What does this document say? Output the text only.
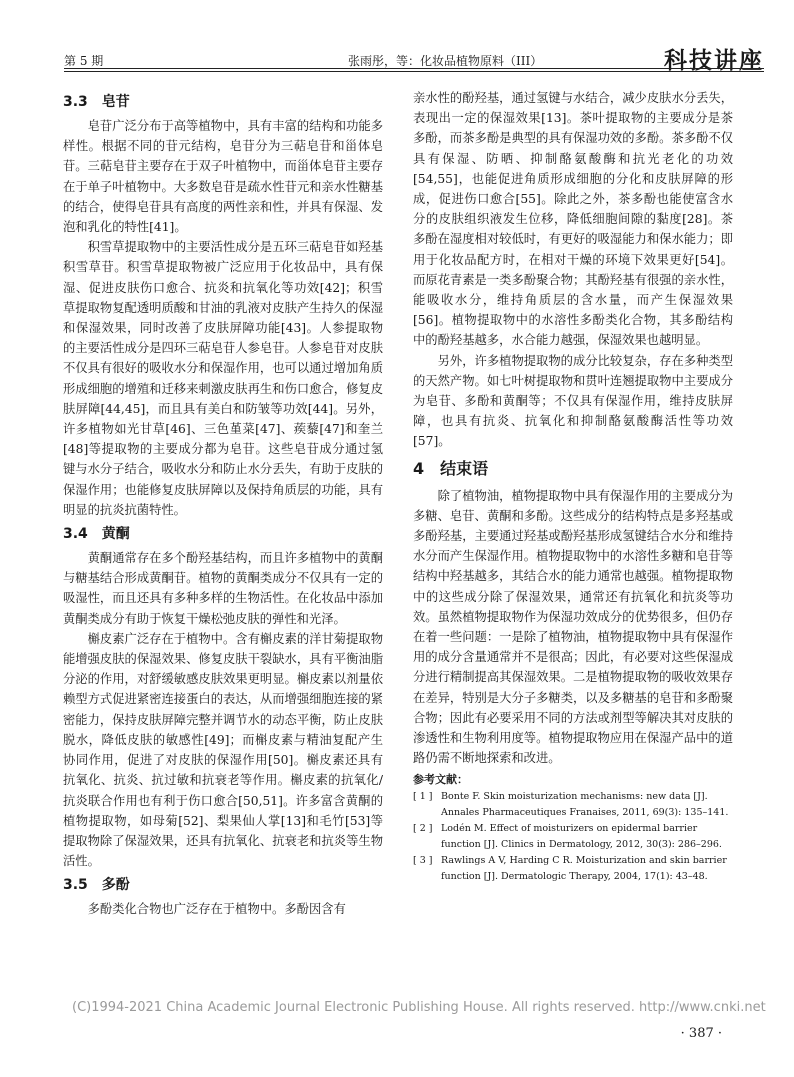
第 5 期	张雨彤，等：化妆品植物原料（III）	科技讲座
3.3　皂苷

皂苷广泛分布于高等植物中，具有丰富的结构和功能多样性。根据不同的苷元结构，皂苷分为三萜皂苷和甾体皂苷。三萜皂苷主要存在于双子叶植物中，而甾体皂苷主要存在于单子叶植物中。大多数皂苷是疏水性苷元和亲水性糖基的结合，使得皂苷具有高度的两性亲和性，并具有保湿、发泡和乳化的特性[41]。

积雪草提取物中的主要活性成分是五环三萜皂苷如羟基积雪草苷。积雪草提取物被广泛应用于化妆品中，具有保湿、促进皮肤伤口愈合、抗炎和抗氧化等功效[42]；积雪草提取物复配透明质酸和甘油的乳液对皮肤产生持久的保湿和保湿效果，同时改善了皮肤屏障功能[43]。人参提取物的主要活性成分是四环三萜皂苷人参皂苷。人参皂苷对皮肤不仅具有很好的吸收水分和保湿作用，也可以通过增加角质形成细胞的增殖和迁移来刺激皮肤再生和伤口愈合，修复皮肤屏障[44,45]，而且具有美白和防皱等功效[44]。另外，许多植物如光甘草[46]、三色堇菜[47]、蒺藜[47]和奎兰[48]等提取物的主要成分都为皂苷。这些皂苷成分通过氢键与水分子结合，吸收水分和防止水分丢失，有助于皮肤的保湿作用；也能修复皮肤屏障以及保持角质层的功能，具有明显的抗炎抗菌特性。

3.4　黄酮

黄酮通常存在多个酚羟基结构，而且许多植物中的黄酮与糖基结合形成黄酮苷。植物的黄酮类成分不仅具有一定的吸湿性，而且还具有多种多样的生物活性。在化妆品中添加黄酮类成分有助于恢复干燥松弛皮肤的弹性和光泽。

槲皮素广泛存在于植物中。含有槲皮素的洋甘菊提取物能增强皮肤的保湿效果、修复皮肤干裂缺水，具有平衡油脂分泌的作用，对舒缓敏感皮肤效果更明显。槲皮素以剂量依赖型方式促进紧密连接蛋白的表达，从而增强细胞连接的紧密能力，保持皮肤屏障完整并调节水的动态平衡，防止皮肤脱水，降低皮肤的敏感性[49]；而槲皮素与精油复配产生协同作用，促进了对皮肤的保湿作用[50]。槲皮素还具有抗氧化、抗炎、抗过敏和抗衰老等作用。槲皮素的抗氧化/抗炎联合作用也有利于伤口愈合[50,51]。许多富含黄酮的植物提取物，如母菊[52]、梨果仙人掌[13]和毛竹[53]等提取物除了保湿效果，还具有抗氧化、抗衰老和抗炎等生物活性。

3.5　多酚

多酚类化合物也广泛存在于植物中。多酚因含有

亲水性的酚羟基，通过氢键与水结合，减少皮肤水分丢失，表现出一定的保湿效果[13]。茶叶提取物的主要成分是茶多酚，而茶多酚是典型的具有保湿功效的多酚。茶多酚不仅具有保湿、防晒、抑制酪氨酸酶和抗光老化的功效[54,55]，也能促进角质形成细胞的分化和皮肤屏障的形成，促进伤口愈合[55]。除此之外，茶多酚也能使富含水分的皮肤组织液发生位移，降低细胞间隙的黏度[28]。茶多酚在湿度相对较低时，有更好的吸湿能力和保水能力；即用于化妆品配方时，在相对干燥的环境下效果更好[54]。而原花青素是一类多酚聚合物；其酚羟基有很强的亲水性，能吸收水分，维持角质层的含水量，而产生保湿效果[56]。植物提取物中的水溶性多酚类化合物，其多酚结构中的酚羟基越多，水合能力越强，保湿效果也越明显。

另外，许多植物提取物的成分比较复杂，存在多种类型的天然产物。如七叶树提取物和贯叶连翘提取物中主要成分为皂苷、多酚和黄酮等；不仅具有保湿作用，维持皮肤屏障，也具有抗炎、抗氧化和抑制酪氨酸酶活性等功效[57]。

4　结束语

除了植物油，植物提取物中具有保湿作用的主要成分为多糖、皂苷、黄酮和多酚。这些成分的结构特点是多羟基或多酚羟基，主要通过羟基或酚羟基形成氢键结合水分和维持水分而产生保湿作用。植物提取物中的水溶性多糖和皂苷等结构中羟基越多，其结合水的能力通常也越强。植物提取物中的这些成分除了保湿效果，通常还有抗氧化和抗炎等功效。虽然植物提取物作为保湿功效成分的优势很多，但仍存在着一些问题：一是除了植物油，植物提取物中具有保湿作用的成分含量通常并不是很高；因此，有必要对这些保湿成分进行精制提高其保湿效果。二是植物提取物的吸收效果存在差异，特别是大分子多糖类，以及多糖基的皂苷和多酚聚合物；因此有必要采用不同的方法或剂型等解决其对皮肤的渗透性和生物利用度等。植物提取物应用在保湿产品中的道路仍需不断地探索和改进。

参考文献：
[ 1 ] Bonte F. Skin moisturization mechanisms: new data [J]. Annales Pharmaceutiques Franaises, 2011, 69(3): 135–141.
[ 2 ] Lodén M. Effect of moisturizers on epidermal barrier function [J]. Clinics in Dermatology, 2012, 30(3): 286–296.
[ 3 ] Rawlings A V, Harding C R. Moisturization and skin barrier function [J]. Dermatologic Therapy, 2004, 17(1): 43–48.
(C)1994-2021 China Academic Journal Electronic Publishing House. All rights reserved. http://www.cnki.net
· 387 ·
